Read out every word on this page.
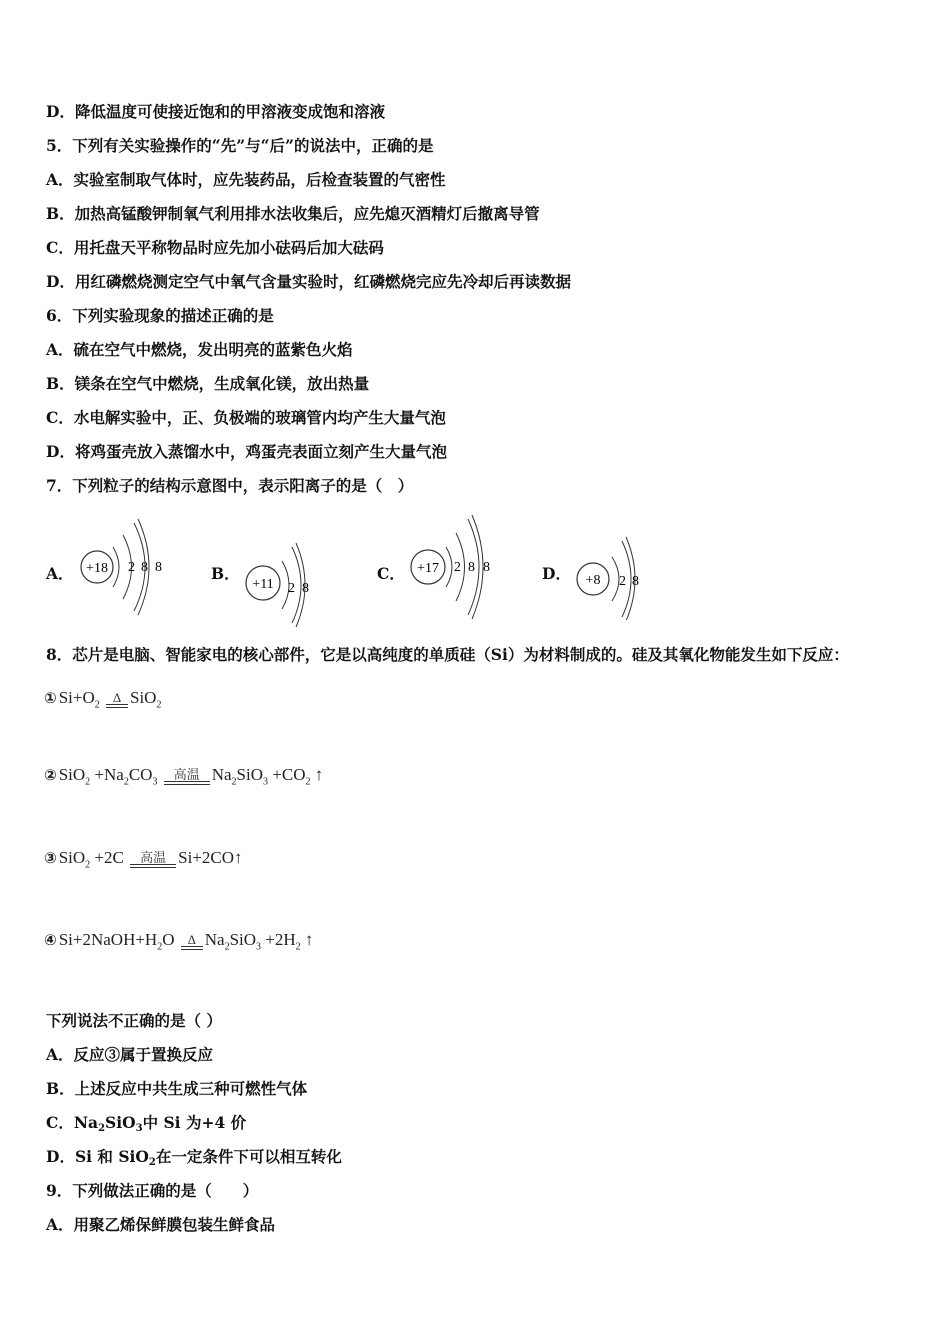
D．降低温度可使接近饱和的甲溶液变成饱和溶液
5．下列有关实验操作的“先”与“后”的说法中，正确的是
A．实验室制取气体时，应先装药品，后检查装置的气密性
B．加热高锰酸钾制氧气利用排水法收集后，应先熄灭酒精灯后撤离导管
C．用托盘天平称物品时应先加小砝码后加大砝码
D．用红磷燃烧测定空气中氧气含量实验时，红磷燃烧完应先冷却后再读数据
6．下列实验现象的描述正确的是
A．硫在空气中燃烧，发出明亮的蓝紫色火焰
B．镁条在空气中燃烧，生成氧化镁，放出热量
C．水电解实验中，正、负极端的玻璃管内均产生大量气泡
D．将鸡蛋壳放入蒸馏水中，鸡蛋壳表面立刻产生大量气泡
7．下列粒子的结构示意图中，表示阳离子的是（　）
A． +18 2 8 8	B．
+11 2 8
C． +17 2 8 8	D． +8 2 8
8．芯片是电脑、智能家电的核心部件，它是以高纯度的单质硅（Si）为材料制成的。硅及其氧化物能发生如下反应：
① $Si+O_2$
Δ SiO$_2$
② $SiO_2 +Na_2CO_3$
高温 $Na_2SiO_3 +CO_2$ ↑
③ SiO$_2$ +2C 高温 Si+2CO↑
④ $Si+2NaOH+H_2O$ Δ $Na_2SiO_3 +2H_2$ ↑
下列说法不正确的是（ ）
A．反应③属于置换反应
B．上述反应中共生成三种可燃性气体
C．$Na_2SiO_3$中 Si 为+4 价
D．Si 和 SiO$_2$在一定条件下可以相互转化
9．下列做法正确的是（　　）
A．用聚乙烯保鲜膜包装生鲜食品
